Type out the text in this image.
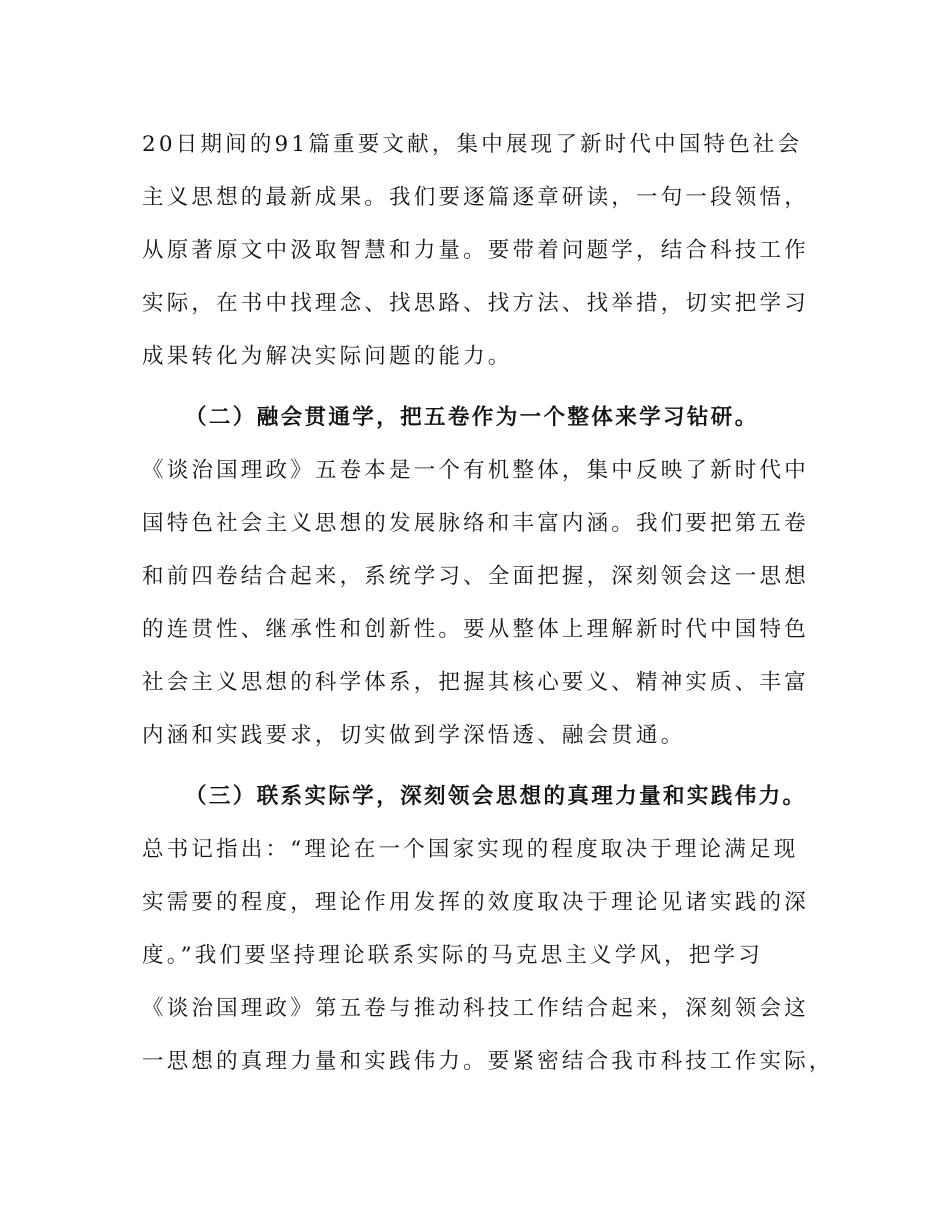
20日期间的91篇重要文献，集中展现了新时代中国特色社会
主义思想的最新成果。我们要逐篇逐章研读，一句一段领悟，
从原著原文中汲取智慧和力量。要带着问题学，结合科技工作
实际，在书中找理念、找思路、找方法、找举措，切实把学习
成果转化为解决实际问题的能力。
（二）融会贯通学，把五卷作为一个整体来学习钻研。
《谈治国理政》五卷本是一个有机整体，集中反映了新时代中
国特色社会主义思想的发展脉络和丰富内涵。我们要把第五卷
和前四卷结合起来，系统学习、全面把握，深刻领会这一思想
的连贯性、继承性和创新性。要从整体上理解新时代中国特色
社会主义思想的科学体系，把握其核心要义、精神实质、丰富
内涵和实践要求，切实做到学深悟透、融会贯通。
（三）联系实际学，深刻领会思想的真理力量和实践伟力。
总书记指出：“理论在一个国家实现的程度取决于理论满足现
实需要的程度，理论作用发挥的效度取决于理论见诸实践的深
度。”我们要坚持理论联系实际的马克思主义学风，把学习
《谈治国理政》第五卷与推动科技工作结合起来，深刻领会这
一思想的真理力量和实践伟力。要紧密结合我市科技工作实际，
